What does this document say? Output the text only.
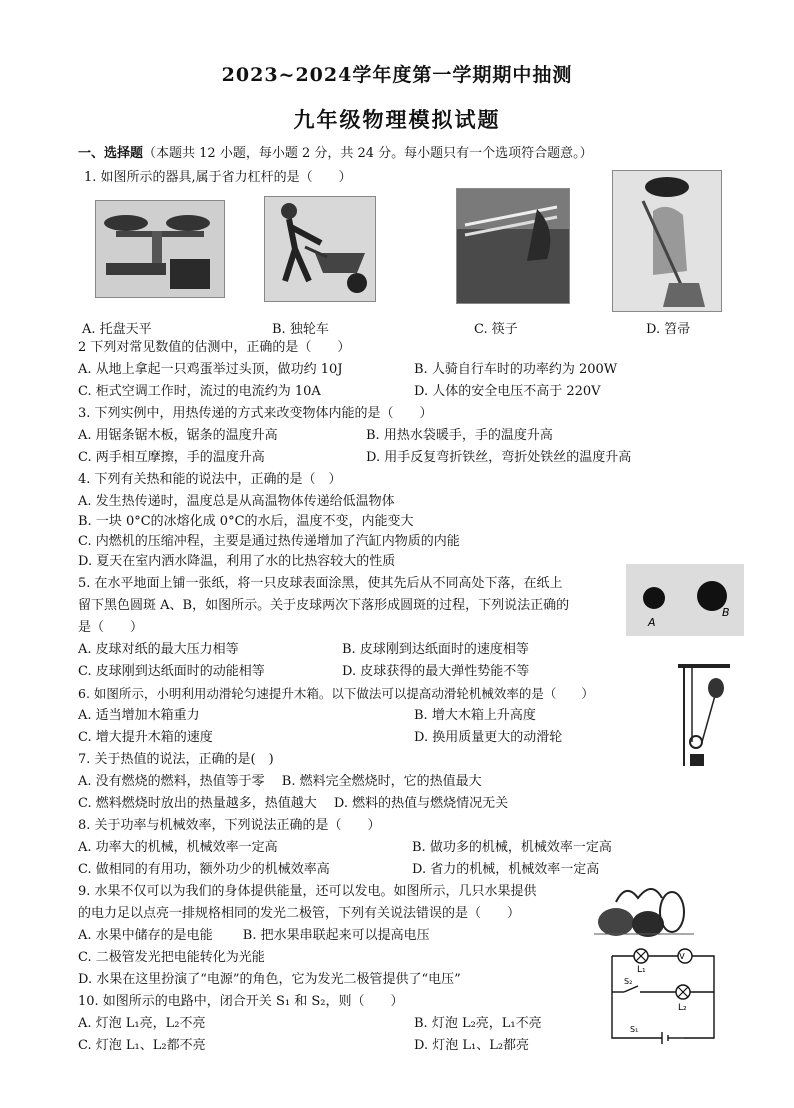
2023~2024学年度第一学期期中抽测
九年级物理模拟试题
一、选择题（本题共 12 小题，每小题 2 分，共 24 分。每小题只有一个选项符合题意。）
1. 如图所示的器具,属于省力杠杆的是（　　）
A. 托盘天平	B. 独轮车	C. 筷子	D. 笤帚
2 下列对常见数值的估测中，正确的是（　　）
A. 从地上拿起一只鸡蛋举过头顶，做功约 10J	B. 人骑自行车时的功率约为 200W
C. 柜式空调工作时，流过的电流约为 10A	D. 人体的安全电压不高于 220V
3. 下列实例中，用热传递的方式来改变物体内能的是（　　）
A. 用锯条锯木板，锯条的温度升高	B. 用热水袋暖手，手的温度升高
C. 两手相互摩擦，手的温度升高	D. 用手反复弯折铁丝，弯折处铁丝的温度升高
4. 下列有关热和能的说法中，正确的是（　）
A. 发生热传递时，温度总是从高温物体传递给低温物体
B. 一块 0°C的冰熔化成 0°C的水后，温度不变，内能变大
C. 内燃机的压缩冲程，主要是通过热传递增加了汽缸内物质的内能
D. 夏天在室内洒水降温，利用了水的比热容较大的性质
5. 在水平地面上铺一张纸，将一只皮球表面涂黑，使其先后从不同高处下落，在纸上
留下黑色圆斑 A、B，如图所示。关于皮球两次下落形成圆斑的过程，下列说法正确的
是（　　）	A
B
A. 皮球对纸的最大压力相等	B. 皮球刚到达纸面时的速度相等
C. 皮球刚到达纸面时的动能相等	D. 皮球获得的最大弹性势能不等
6. 如图所示，小明利用动滑轮匀速提升木箱。以下做法可以提高动滑轮机械效率的是（　　）
A. 适当增加木箱重力	B. 增大木箱上升高度
C. 增大提升木箱的速度	D. 换用质量更大的动滑轮
7. 关于热值的说法，正确的是(　)
A. 没有燃烧的燃料，热值等于零　 B. 燃料完全燃烧时，它的热值最大
C. 燃料燃烧时放出的热量越多，热值越大　 D. 燃料的热值与燃烧情况无关
8. 关于功率与机械效率，下列说法正确的是（　　）
A. 功率大的机械，机械效率一定高	B. 做功多的机械，机械效率一定高
C. 做相同的有用功，额外功少的机械效率高	D. 省力的机械，机械效率一定高
9. 水果不仅可以为我们的身体提供能量，还可以发电。如图所示，几只水果提供
的电力足以点亮一排规格相同的发光二极管，下列有关说法错误的是（　　）
A. 水果中储存的是电能　　 B. 把水果串联起来可以提高电压
C. 二极管发光把电能转化为光能
D. 水果在这里扮演了“电源”的角色，它为发光二极管提供了“电压”
10. 如图所示的电路中，闭合开关 S₁ 和 S₂，则（　　）
L₁
V
L₂
S₂
S₁
A. 灯泡 L₁亮，L₂不亮	B. 灯泡 L₂亮，L₁不亮
C. 灯泡 L₁、L₂都不亮	D. 灯泡 L₁、L₂都亮
